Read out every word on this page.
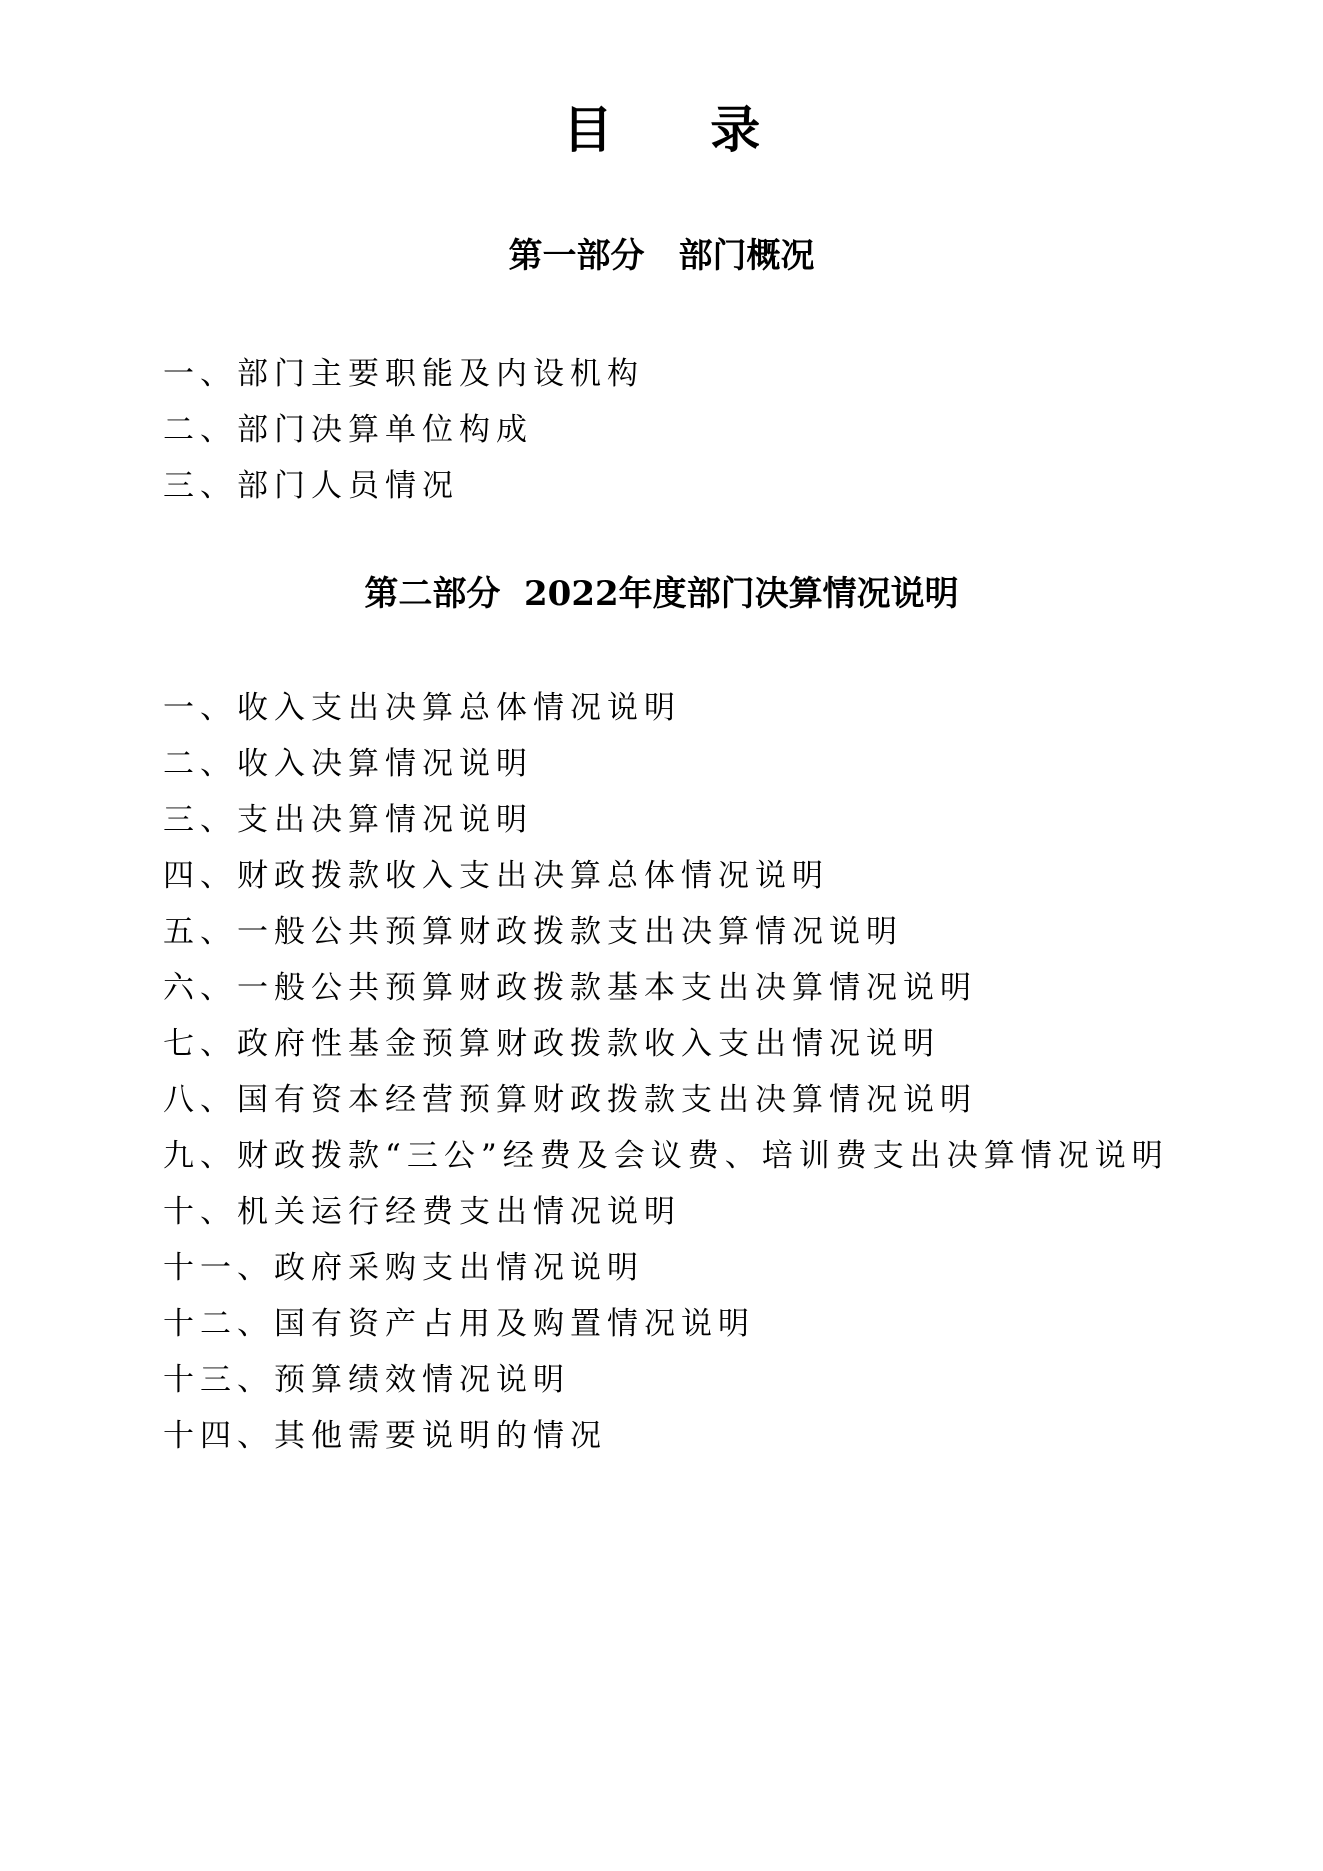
目 录
第一部分　部门概况
一、部门主要职能及内设机构
二、部门决算单位构成
三、部门人员情况
第二部分  2022年度部门决算情况说明
一、收入支出决算总体情况说明
二、收入决算情况说明
三、支出决算情况说明
四、财政拨款收入支出决算总体情况说明
五、一般公共预算财政拨款支出决算情况说明
六、一般公共预算财政拨款基本支出决算情况说明
七、政府性基金预算财政拨款收入支出情况说明
八、国有资本经营预算财政拨款支出决算情况说明
九、财政拨款“三公”经费及会议费、培训费支出决算情况说明
十、机关运行经费支出情况说明
十一、政府采购支出情况说明
十二、国有资产占用及购置情况说明
十三、预算绩效情况说明
十四、其他需要说明的情况
